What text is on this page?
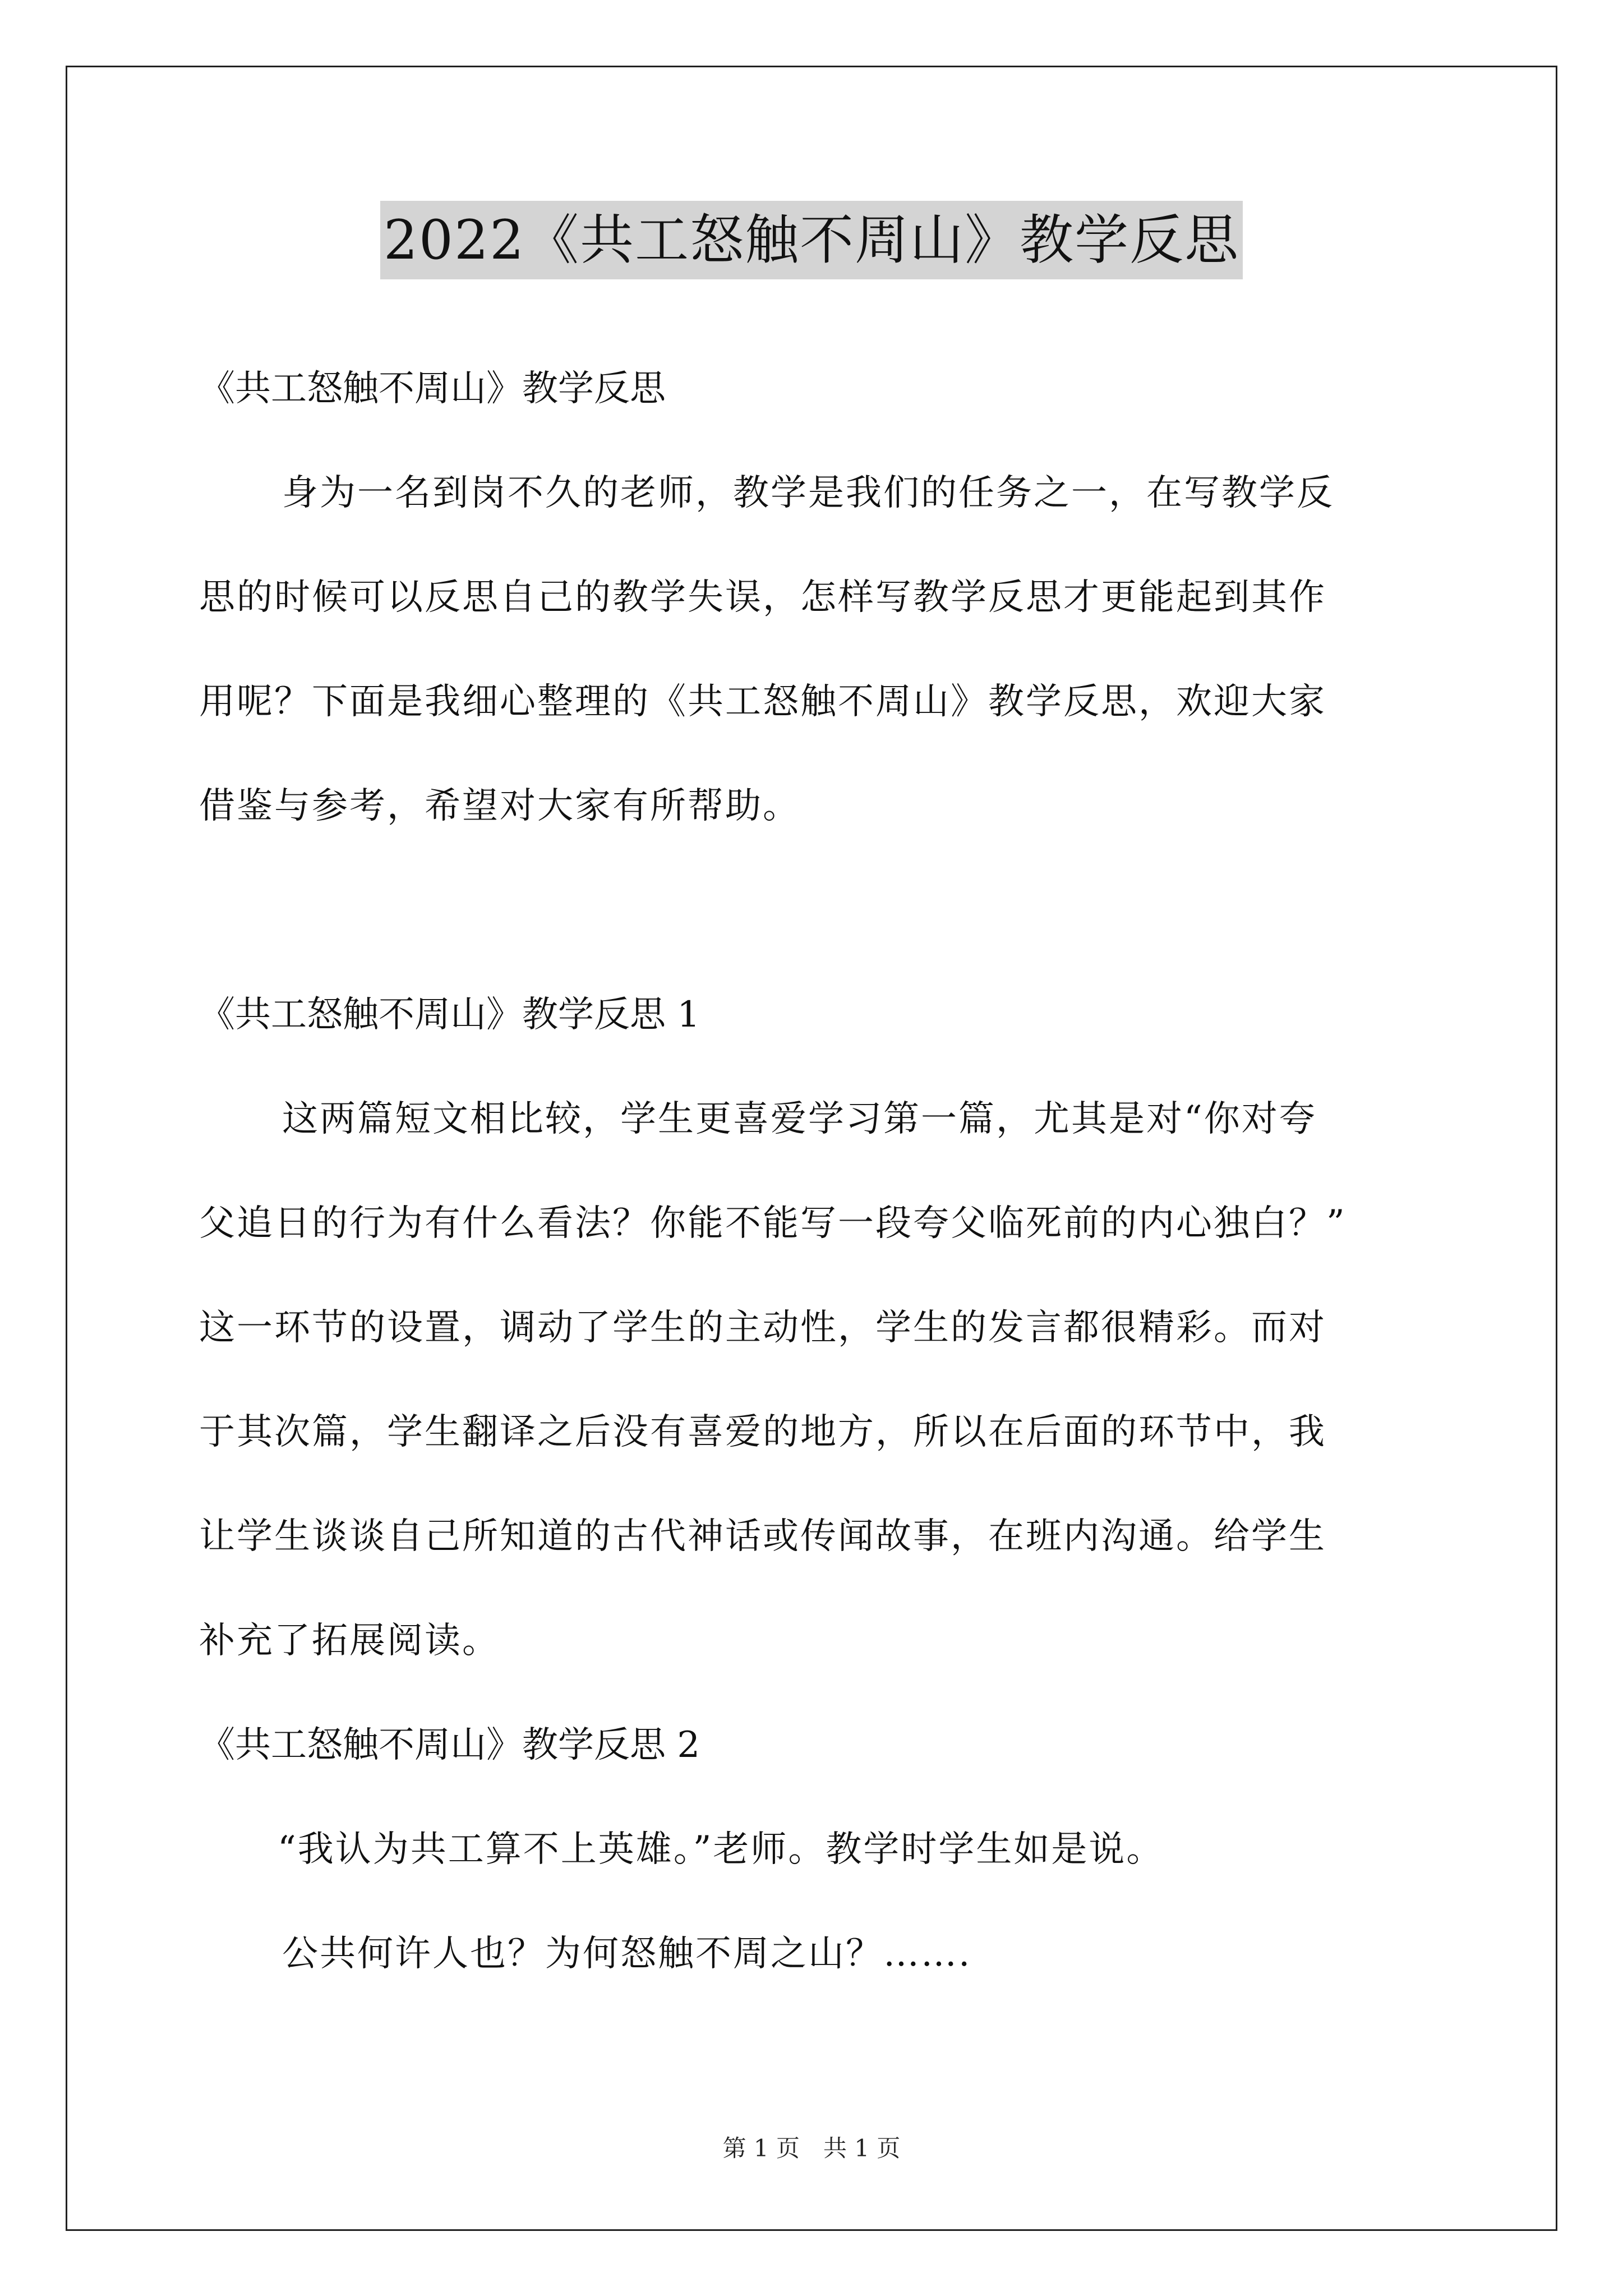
2022《共工怒触不周山》教学反思

《共工怒触不周山》教学反思

身为一名到岗不久的老师，教学是我们的任务之一，在写教学反

思的时候可以反思自己的教学失误，怎样写教学反思才更能起到其作

用呢？下面是我细心整理的《共工怒触不周山》教学反思，欢迎大家

借鉴与参考，希望对大家有所帮助。

《共工怒触不周山》教学反思 1

这两篇短文相比较，学生更喜爱学习第一篇，尤其是对“你对夸

父追日的行为有什么看法？你能不能写一段夸父临死前的内心独白？”

这一环节的设置，调动了学生的主动性，学生的发言都很精彩。而对

于其次篇，学生翻译之后没有喜爱的地方，所以在后面的环节中，我

让学生谈谈自己所知道的古代神话或传闻故事，在班内沟通。给学生

补充了拓展阅读。

《共工怒触不周山》教学反思 2

“我认为共工算不上英雄。”老师。教学时学生如是说。

公共何许人也？为何怒触不周之山？…….

第 1 页　共 1 页
